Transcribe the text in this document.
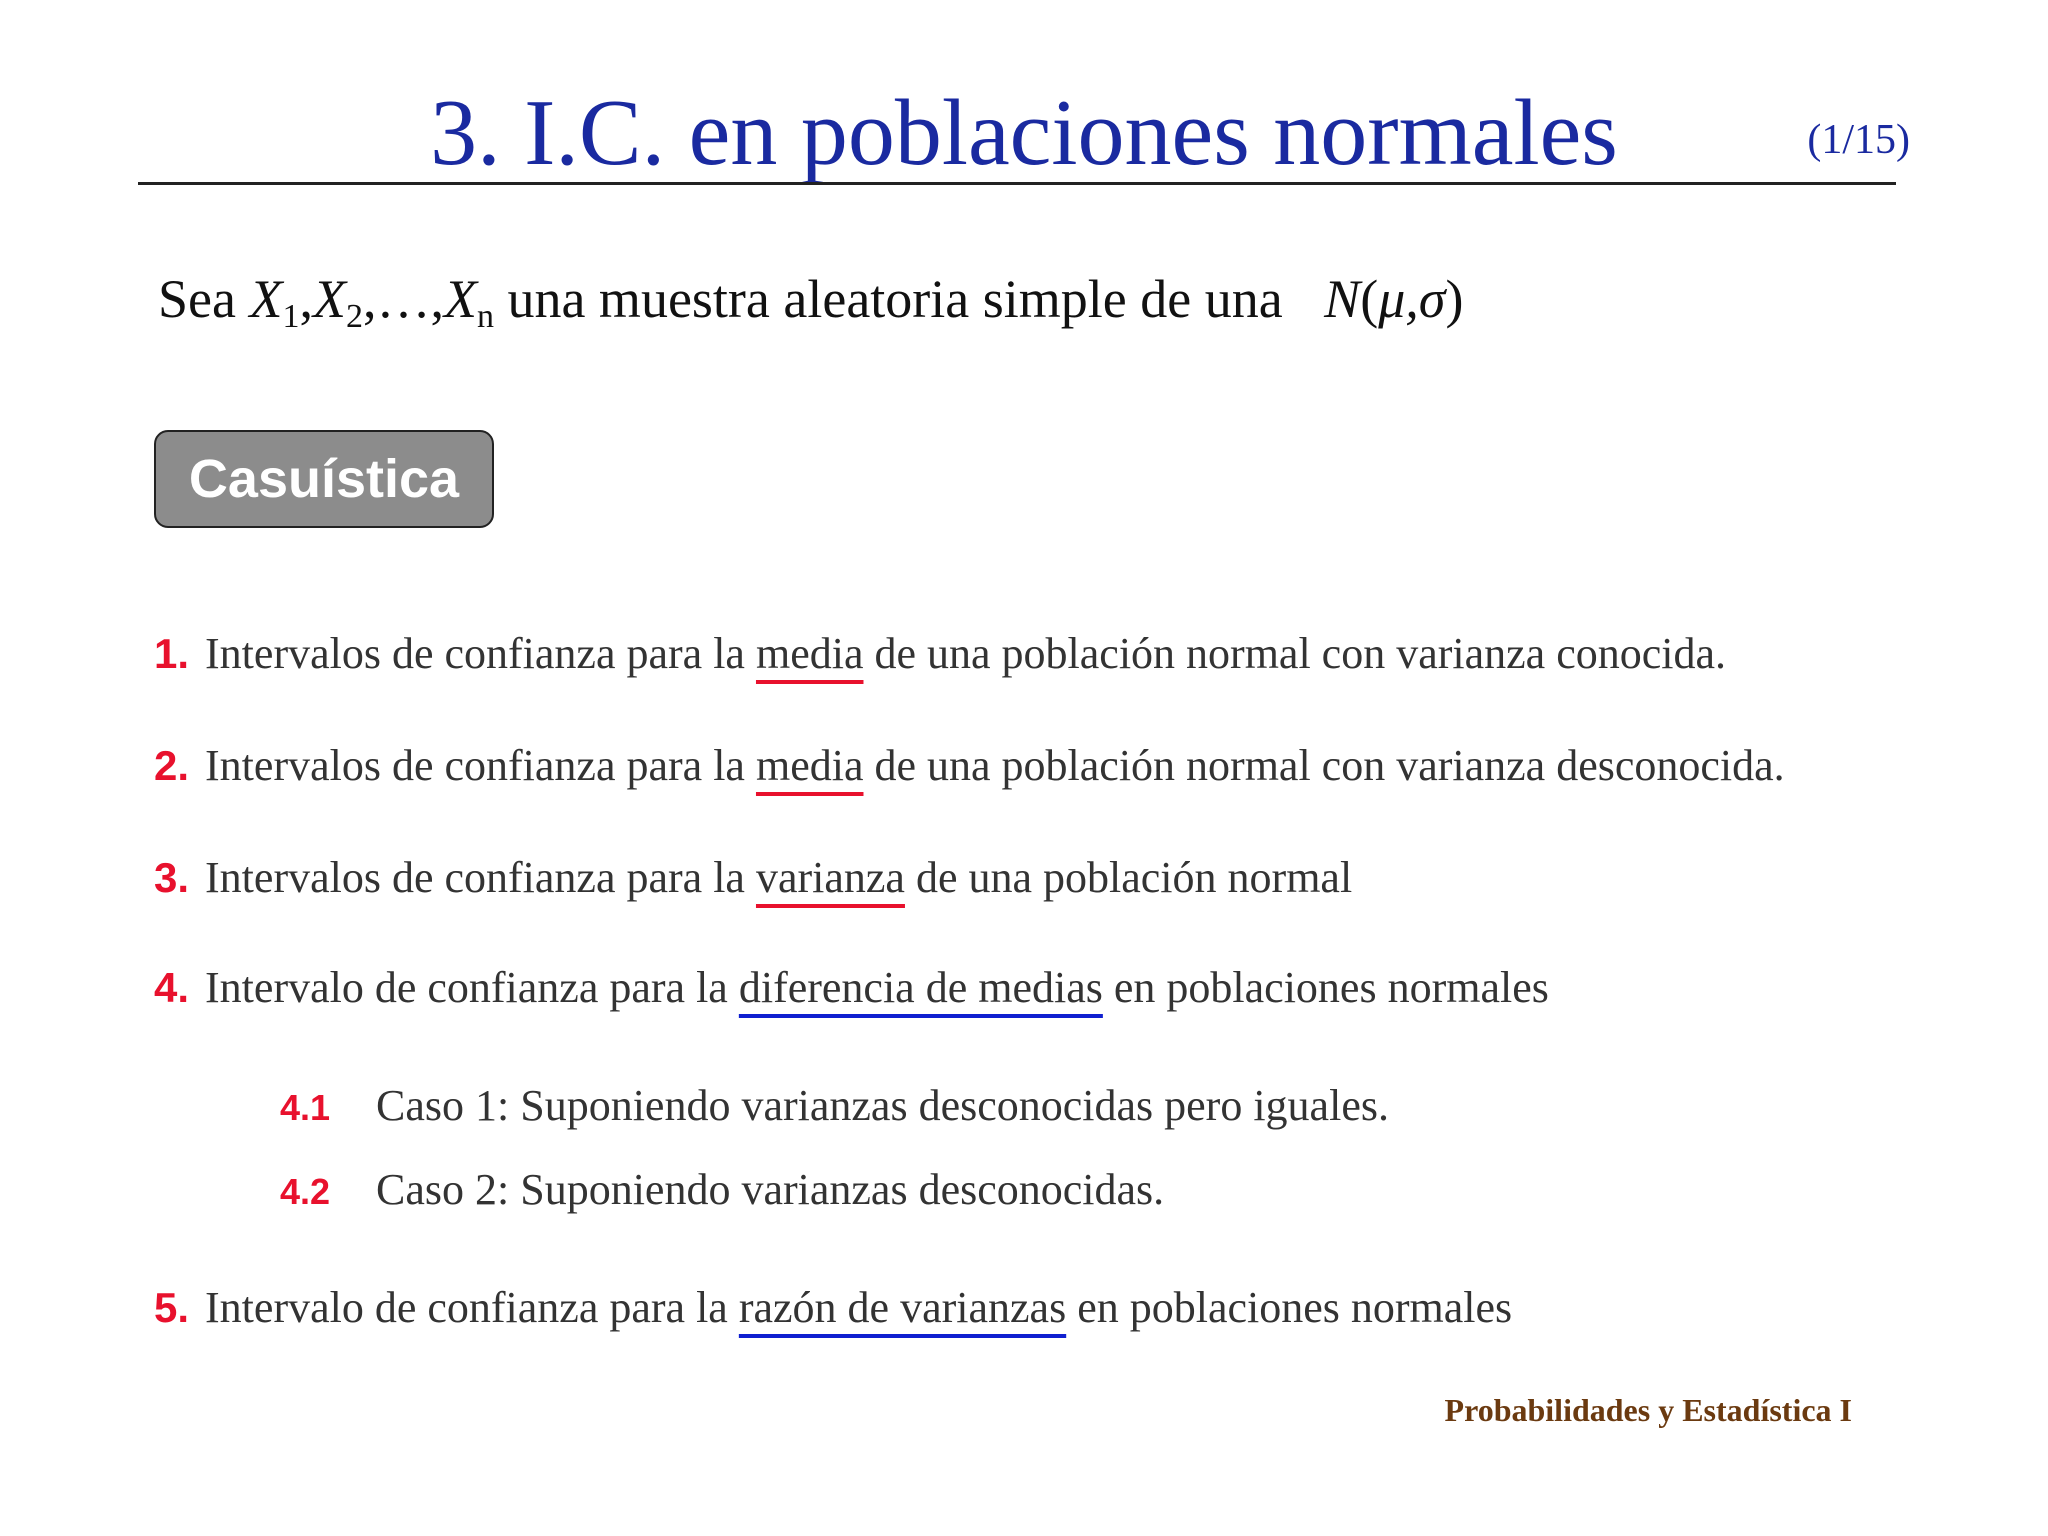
3. I.C. en poblaciones normales	(1/15)
Sea $X_1,X_2,\dots,X_n$ una muestra aleatoria simple de una N(μ,σ)
Casuística
1. Intervalos de confianza para la media de una población normal con varianza conocida.
2. Intervalos de confianza para la media de una población normal con varianza desconocida.
3. Intervalos de confianza para la varianza de una población normal
4. Intervalo de confianza para la diferencia de medias en poblaciones normales
4.1 Caso 1: Suponiendo varianzas desconocidas pero iguales.
4.2 Caso 2: Suponiendo varianzas desconocidas.
5. Intervalo de confianza para la razón de varianzas en poblaciones normales
Probabilidades y Estadística I
